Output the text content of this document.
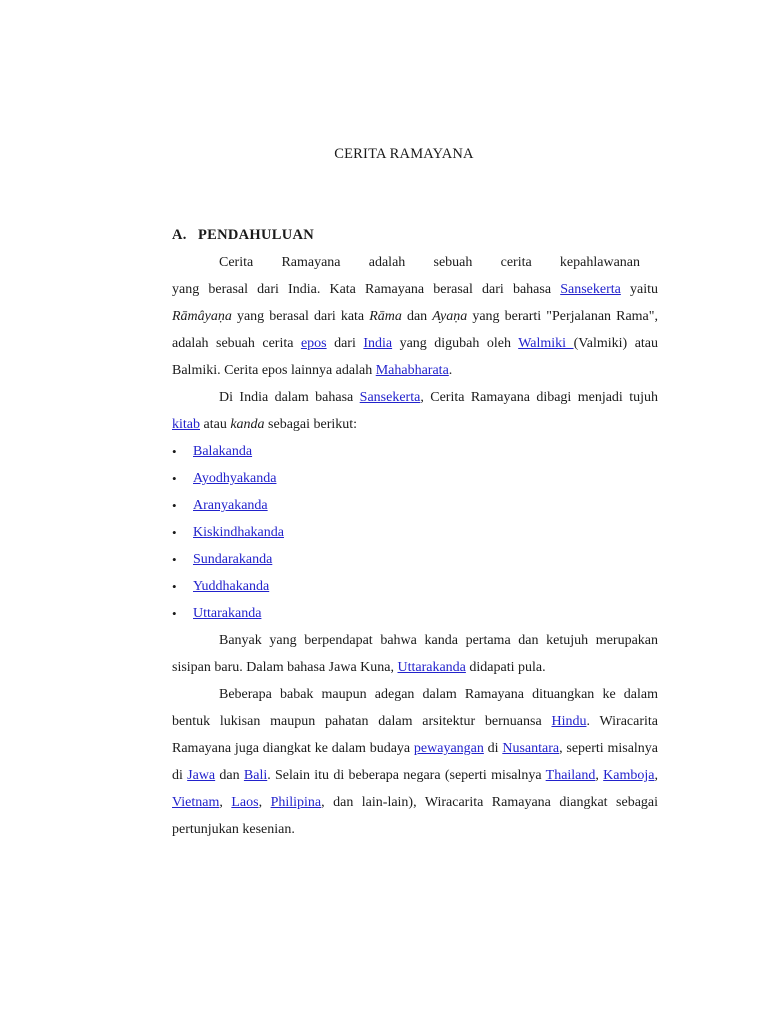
CERITA RAMAYANA
A. PENDAHULUAN
Cerita Ramayana adalah sebuah cerita kepahlawanan

yang berasal dari India. Kata Ramayana berasal dari bahasa Sansekerta yaitu Rāmâyaṇa yang berasal dari kata Rāma dan Ayaṇa yang berarti "Perjalanan Rama", adalah sebuah cerita epos dari India yang digubah oleh Walmiki (Valmiki) atau Balmiki. Cerita epos lainnya adalah Mahabharata.

Di India dalam bahasa Sansekerta, Cerita Ramayana dibagi menjadi tujuh kitab atau kanda sebagai berikut:

• Balakanda
• Ayodhyakanda
• Aranyakanda
• Kiskindhakanda
• Sundarakanda
• Yuddhakanda
• Uttarakanda

Banyak yang berpendapat bahwa kanda pertama dan ketujuh merupakan sisipan baru. Dalam bahasa Jawa Kuna, Uttarakanda didapati pula.

Beberapa babak maupun adegan dalam Ramayana dituangkan ke dalam bentuk lukisan maupun pahatan dalam arsitektur bernuansa Hindu. Wiracarita Ramayana juga diangkat ke dalam budaya pewayangan di Nusantara, seperti misalnya di Jawa dan Bali. Selain itu di beberapa negara (seperti misalnya Thailand, Kamboja, Vietnam, Laos, Philipina, dan lain-lain), Wiracarita Ramayana diangkat sebagai pertunjukan kesenian.
